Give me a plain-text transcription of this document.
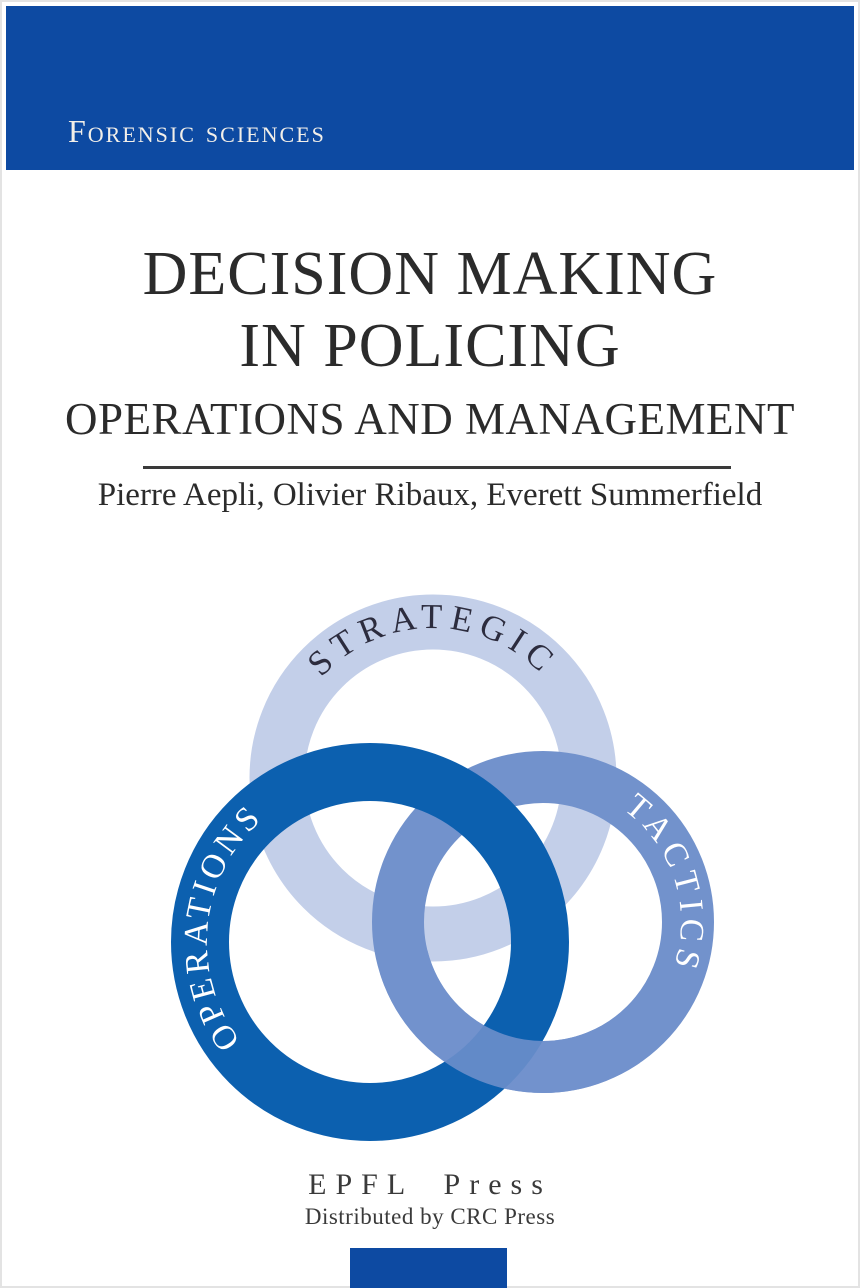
Forensic sciences
DECISION MAKING
IN POLICING
OPERATIONS AND MANAGEMENT
Pierre Aepli, Olivier Ribaux, Everett Summerfield
STRATEGIC
OPERATIONS	TACTICS
EPFL Press
Distributed by CRC Press
